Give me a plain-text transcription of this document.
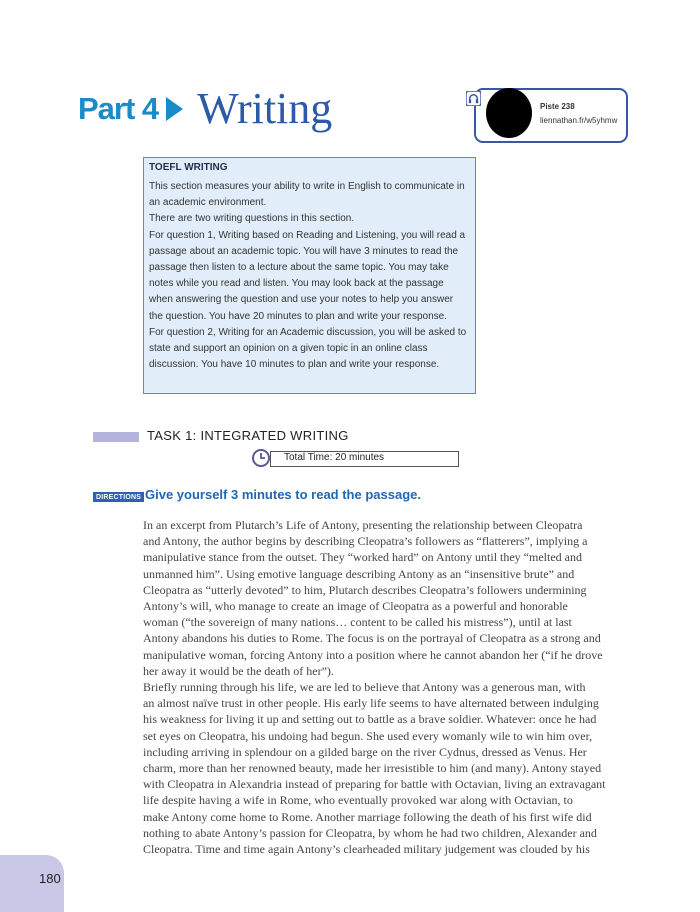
Part 4 Writing	Piste 238
liennathan.fr/w5yhmw
TOEFL WRITING
This section measures your ability to write in English to communicate in an academic environment.
There are two writing questions in this section.
For question 1, Writing based on Reading and Listening, you will read a passage about an academic topic. You will have 3 minutes to read the passage then listen to a lecture about the same topic. You may take notes while you read and listen. You may look back at the passage when answering the question and use your notes to help you answer the question. You have 20 minutes to plan and write your response.
For question 2, Writing for an Academic discussion, you will be asked to state and support an opinion on a given topic in an online class discussion. You have 10 minutes to plan and write your response.
TASK 1: INTEGRATED WRITING
Total Time: 20 minutes
DIRECTIONS Give yourself 3 minutes to read the passage.
In an excerpt from Plutarch’s Life of Antony, presenting the relationship between Cleopatra
and Antony, the author begins by describing Cleopatra’s followers as “flatterers”, implying a
manipulative stance from the outset. They “worked hard” on Antony until they “melted and
unmanned him”. Using emotive language describing Antony as an “insensitive brute” and
Cleopatra as “utterly devoted” to him, Plutarch describes Cleopatra’s followers undermining
Antony’s will, who manage to create an image of Cleopatra as a powerful and honorable
woman (“the sovereign of many nations… content to be called his mistress”), until at last
Antony abandons his duties to Rome. The focus is on the portrayal of Cleopatra as a strong and
manipulative woman, forcing Antony into a position where he cannot abandon her (“if he drove
her away it would be the death of her”).
Briefly running through his life, we are led to believe that Antony was a generous man, with
an almost naïve trust in other people. His early life seems to have alternated between indulging
his weakness for living it up and setting out to battle as a brave soldier. Whatever: once he had
set eyes on Cleopatra, his undoing had begun. She used every womanly wile to win him over,
including arriving in splendour on a gilded barge on the river Cydnus, dressed as Venus. Her
charm, more than her renowned beauty, made her irresistible to him (and many). Antony stayed
with Cleopatra in Alexandria instead of preparing for battle with Octavian, living an extravagant
life despite having a wife in Rome, who eventually provoked war along with Octavian, to
make Antony come home to Rome. Another marriage following the death of his first wife did
nothing to abate Antony’s passion for Cleopatra, by whom he had two children, Alexander and
Cleopatra. Time and time again Antony’s clearheaded military judgement was clouded by his
180
